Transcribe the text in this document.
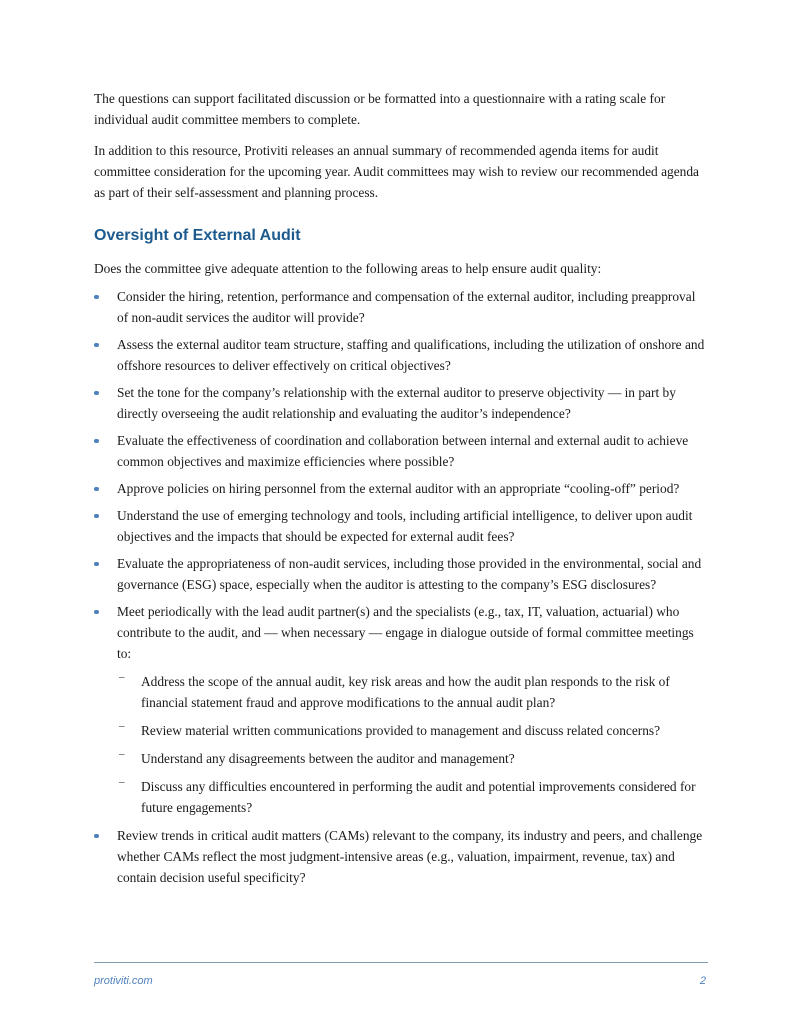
The questions can support facilitated discussion or be formatted into a questionnaire with a rating scale for individual audit committee members to complete.

In addition to this resource, Protiviti releases an annual summary of recommended agenda items for audit committee consideration for the upcoming year. Audit committees may wish to review our recommended agenda as part of their self-assessment and planning process.

Oversight of External Audit

Does the committee give adequate attention to the following areas to help ensure audit quality:

Consider the hiring, retention, performance and compensation of the external auditor, including preapproval of non-audit services the auditor will provide?

Assess the external auditor team structure, staffing and qualifications, including the utilization of onshore and offshore resources to deliver effectively on critical objectives?

Set the tone for the company’s relationship with the external auditor to preserve objectivity — in part by directly overseeing the audit relationship and evaluating the auditor’s independence?

Evaluate the effectiveness of coordination and collaboration between internal and external audit to achieve common objectives and maximize efficiencies where possible?

Approve policies on hiring personnel from the external auditor with an appropriate “cooling-off” period?

Understand the use of emerging technology and tools, including artificial intelligence, to deliver upon audit objectives and the impacts that should be expected for external audit fees?

Evaluate the appropriateness of non-audit services, including those provided in the environmental, social and governance (ESG) space, especially when the auditor is attesting to the company’s ESG disclosures?

Meet periodically with the lead audit partner(s) and the specialists (e.g., tax, IT, valuation, actuarial) who contribute to the audit, and — when necessary — engage in dialogue outside of formal committee meetings to:

– Address the scope of the annual audit, key risk areas and how the audit plan responds to the risk of financial statement fraud and approve modifications to the annual audit plan?

– Review material written communications provided to management and discuss related concerns?

– Understand any disagreements between the auditor and management?

– Discuss any difficulties encountered in performing the audit and potential improvements considered for future engagements?

Review trends in critical audit matters (CAMs) relevant to the company, its industry and peers, and challenge whether CAMs reflect the most judgment-intensive areas (e.g., valuation, impairment, revenue, tax) and contain decision useful specificity?

protiviti.com	2
